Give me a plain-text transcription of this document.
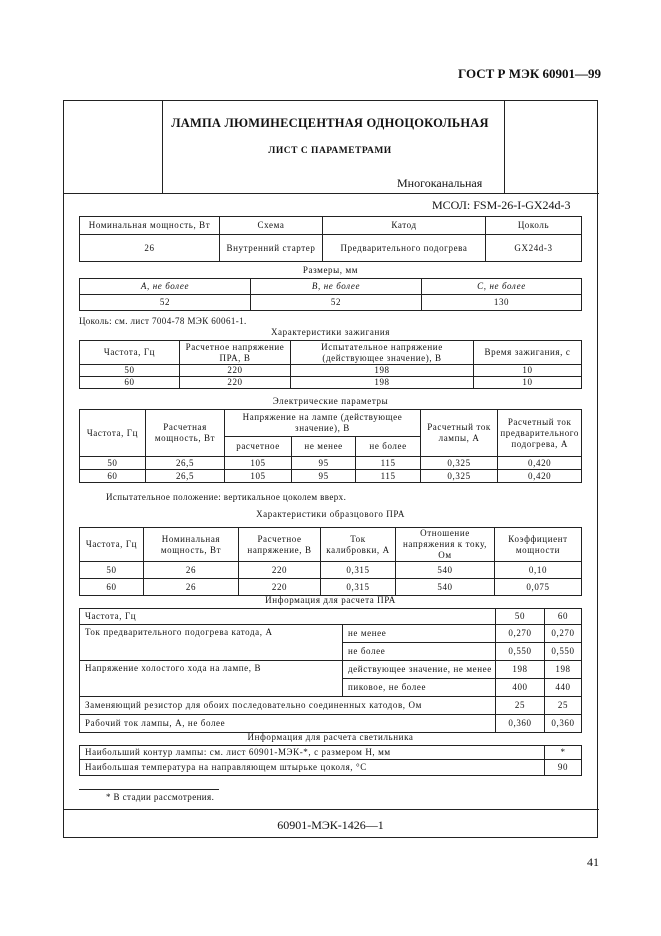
ГОСТ Р МЭК 60901—99
ЛАМПА ЛЮМИНЕСЦЕНТНАЯ ОДНОЦОКОЛЬНАЯ
ЛИСТ С ПАРАМЕТРАМИ
Многоканальная
МСОЛ: FSM-26-I-GX24d-3
Номинальная мощность, Вт	Схема	Катод	Цоколь
26	Внутренний стартер	Предварительного подогрева	GX24d-3
Размеры, мм
A, не более	B, не более	C, не более
52	52	130
Цоколь: см. лист 7004-78 МЭК 60061-1.
Характеристики зажигания
Частота, Гц	Расчетное напряжение ПРА, В	Испытательное напряжение (действующее значение), В	Время зажигания, с
50	220	198	10
60	220	198	10
Электрические параметры
Частота, Гц	Расчетная мощность, Вт	Напряжение на лампе (действующее значение), В			Расчетный ток лампы, А	Расчетный ток предварительного подогрева, А
		расчетное	не менее	не более		
50	26,5	105	95	115	0,325	0,420
60	26,5	105	95	115	0,325	0,420
Испытательное положение: вертикальное цоколем вверх.
Характеристики образцового ПРА
Частота, Гц	Номинальная мощность, Вт	Расчетное напряжение, В	Ток калибровки, А	Отношение напряжения к току, Ом	Коэффициент мощности
50	26	220	0,315	540	0,10
60	26	220	0,315	540	0,075
Информация для расчета ПРА
Частота, Гц		50	60
Ток предварительного подогрева катода, А	не менее	0,270	0,270
	не более	0,550	0,550
Напряжение холостого хода на лампе, В	действующее значение, не менее	198	198
	пиковое, не более	400	440
Заменяющий резистор для обоих последовательно соединенных катодов, Ом		25	25
Рабочий ток лампы, А, не более		0,360	0,360
Информация для расчета светильника
Наибольший контур лампы: см. лист 60901-МЭК-*, с размером H, мм	*
Наибольшая температура на направляющем штырьке цоколя, °С	90
* В стадии рассмотрения.
60901-МЭК-1426—1
41
